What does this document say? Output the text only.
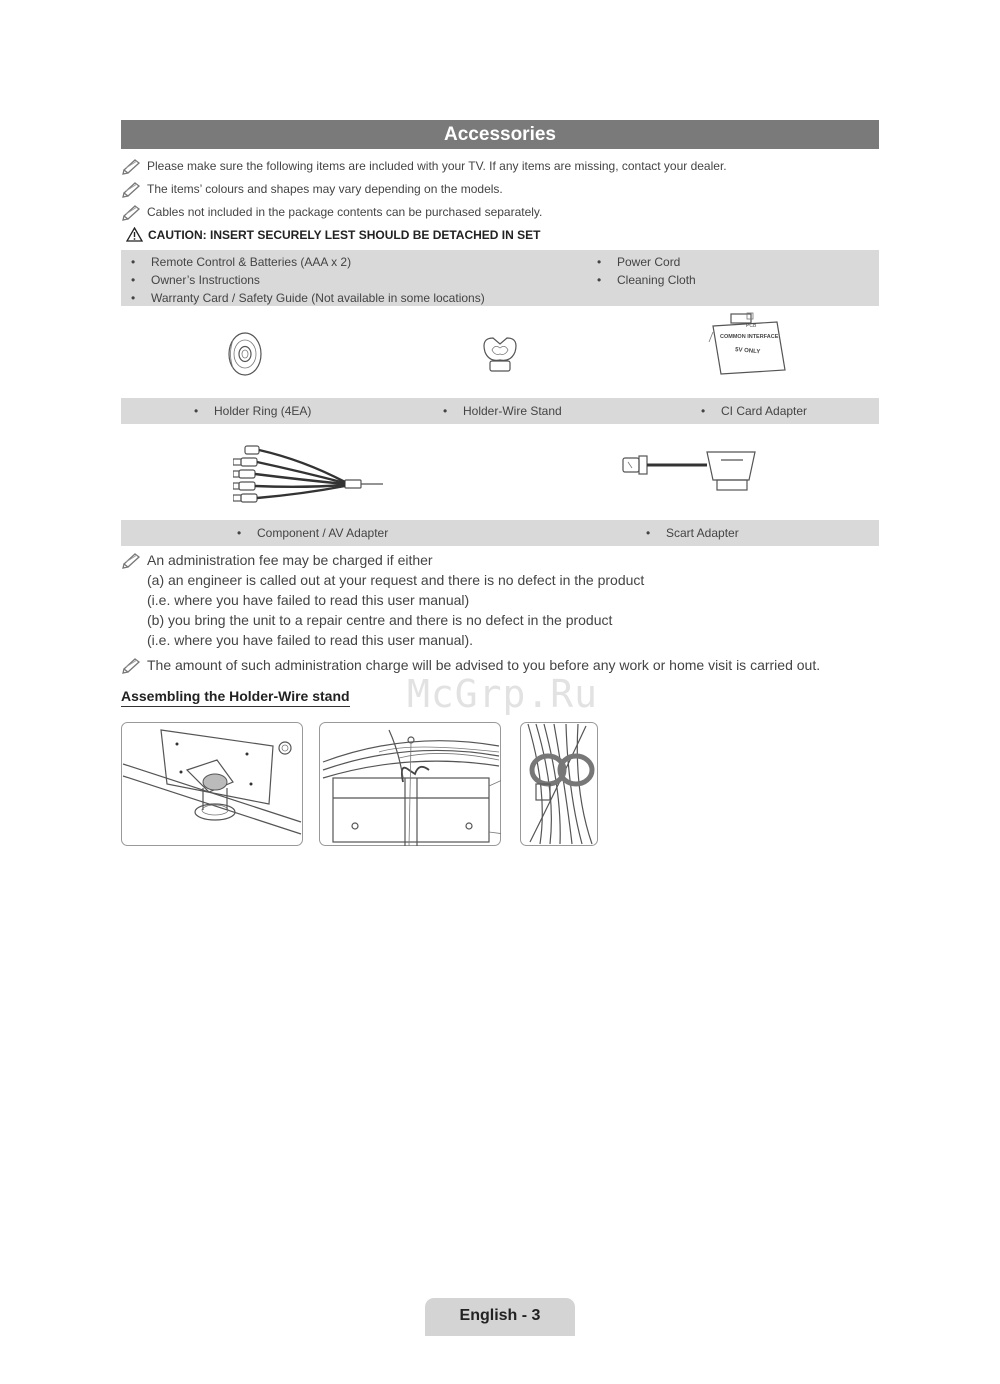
Accessories
Please make sure the following items are included with your TV. If any items are missing, contact your dealer.
The items’ colours and shapes may vary depending on the models.
Cables not included in the package contents can be purchased separately.
CAUTION: INSERT SECURELY LEST SHOULD BE DETACHED IN SET
• Remote Control & Batteries (AAA x 2)
• Owner’s Instructions
• Warranty Card / Safety Guide (Not available in some locations)
• Power Cord
• Cleaning Cloth
PCB
COMMON INTERFACE
5V ONLY
• Holder Ring (4EA)	• Holder-Wire Stand	• CI Card Adapter
• Component / AV Adapter	• Scart Adapter
An administration fee may be charged if either
(a) an engineer is called out at your request and there is no defect in the product
(i.e. where you have failed to read this user manual)
(b) you bring the unit to a repair centre and there is no defect in the product
(i.e. where you have failed to read this user manual).
The amount of such administration charge will be advised to you before any work or home visit is carried out.
McGrp.Ru
Assembling the Holder-Wire stand
English - 3
